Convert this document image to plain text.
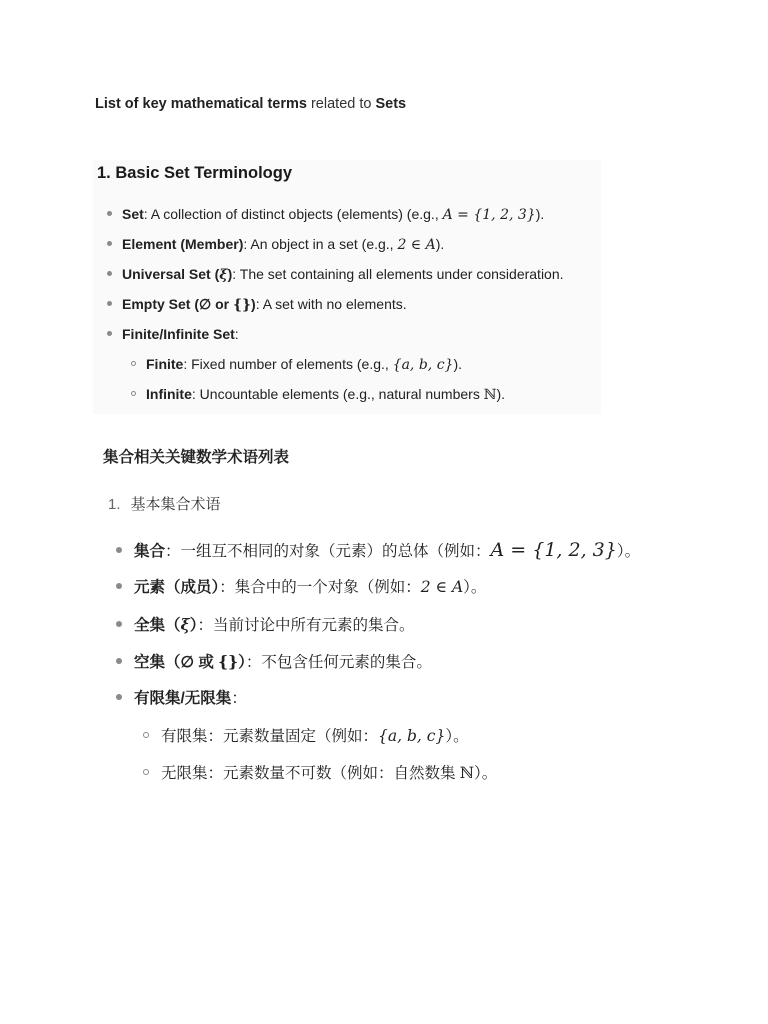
List of key mathematical terms related to Sets
1. Basic Set Terminology
Set: A collection of distinct objects (elements) (e.g., A = {1, 2, 3}).
Element (Member): An object in a set (e.g., 2 ∈ A).
Universal Set (ξ): The set containing all elements under consideration.
Empty Set (∅ or {}): A set with no elements.
Finite/Infinite Set:
Finite: Fixed number of elements (e.g., {a, b, c}).
Infinite: Uncountable elements (e.g., natural numbers ℕ).
集合相关关键数学术语列表
1. 基本集合术语
集合：一组互不相同的对象（元素）的总体（例如：A = {1, 2, 3}）。
元素（成员）：集合中的一个对象（例如：2 ∈ A）。
全集（ξ）：当前讨论中所有元素的集合。
空集（∅ 或 {}）：不包含任何元素的集合。
有限集/无限集：
有限集：元素数量固定（例如：{a, b, c}）。
无限集：元素数量不可数（例如：自然数集 ℕ）。
